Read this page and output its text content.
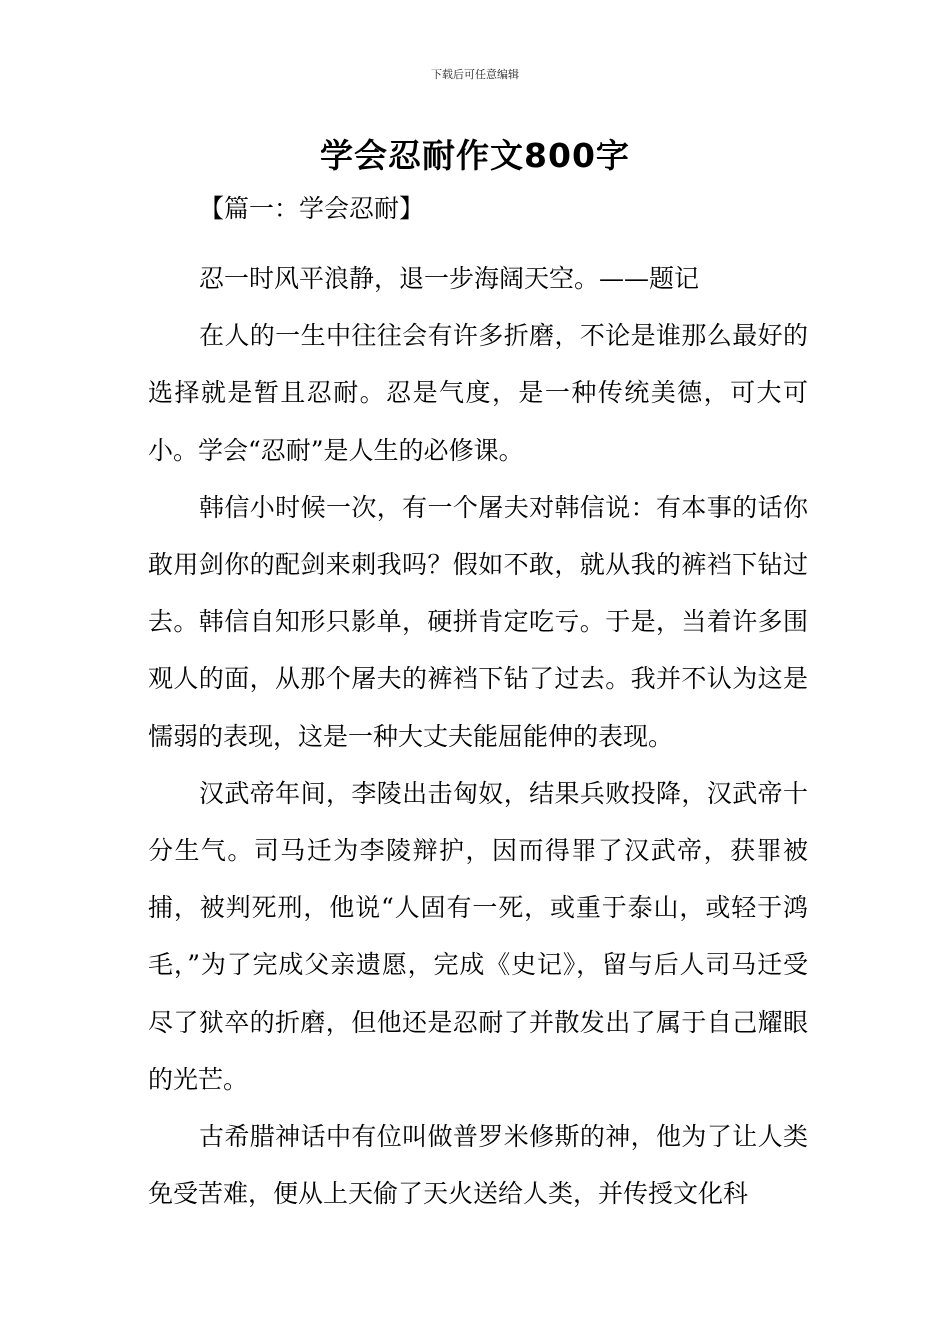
下载后可任意编辑
学会忍耐作文800字
【篇一：学会忍耐】

忍一时风平浪静，退一步海阔天空。——题记

在人的一生中往往会有许多折磨，不论是谁那么最好的选择就是暂且忍耐。忍是气度，是一种传统美德，可大可小。学会“忍耐”是人生的必修课。

韩信小时候一次，有一个屠夫对韩信说：有本事的话你敢用剑你的配剑来刺我吗？假如不敢，就从我的裤裆下钻过去。韩信自知形只影单，硬拼肯定吃亏。于是，当着许多围观人的面，从那个屠夫的裤裆下钻了过去。我并不认为这是懦弱的表现，这是一种大丈夫能屈能伸的表现。

汉武帝年间，李陵出击匈奴，结果兵败投降，汉武帝十分生气。司马迁为李陵辩护，因而得罪了汉武帝，获罪被捕，被判死刑，他说“人固有一死，或重于泰山，或轻于鸿毛，”为了完成父亲遗愿，完成《史记》，留与后人司马迁受尽了狱卒的折磨，但他还是忍耐了并散发出了属于自己耀眼的光芒。

古希腊神话中有位叫做普罗米修斯的神，他为了让人类免受苦难，便从上天偷了天火送给人类，并传授文化科
